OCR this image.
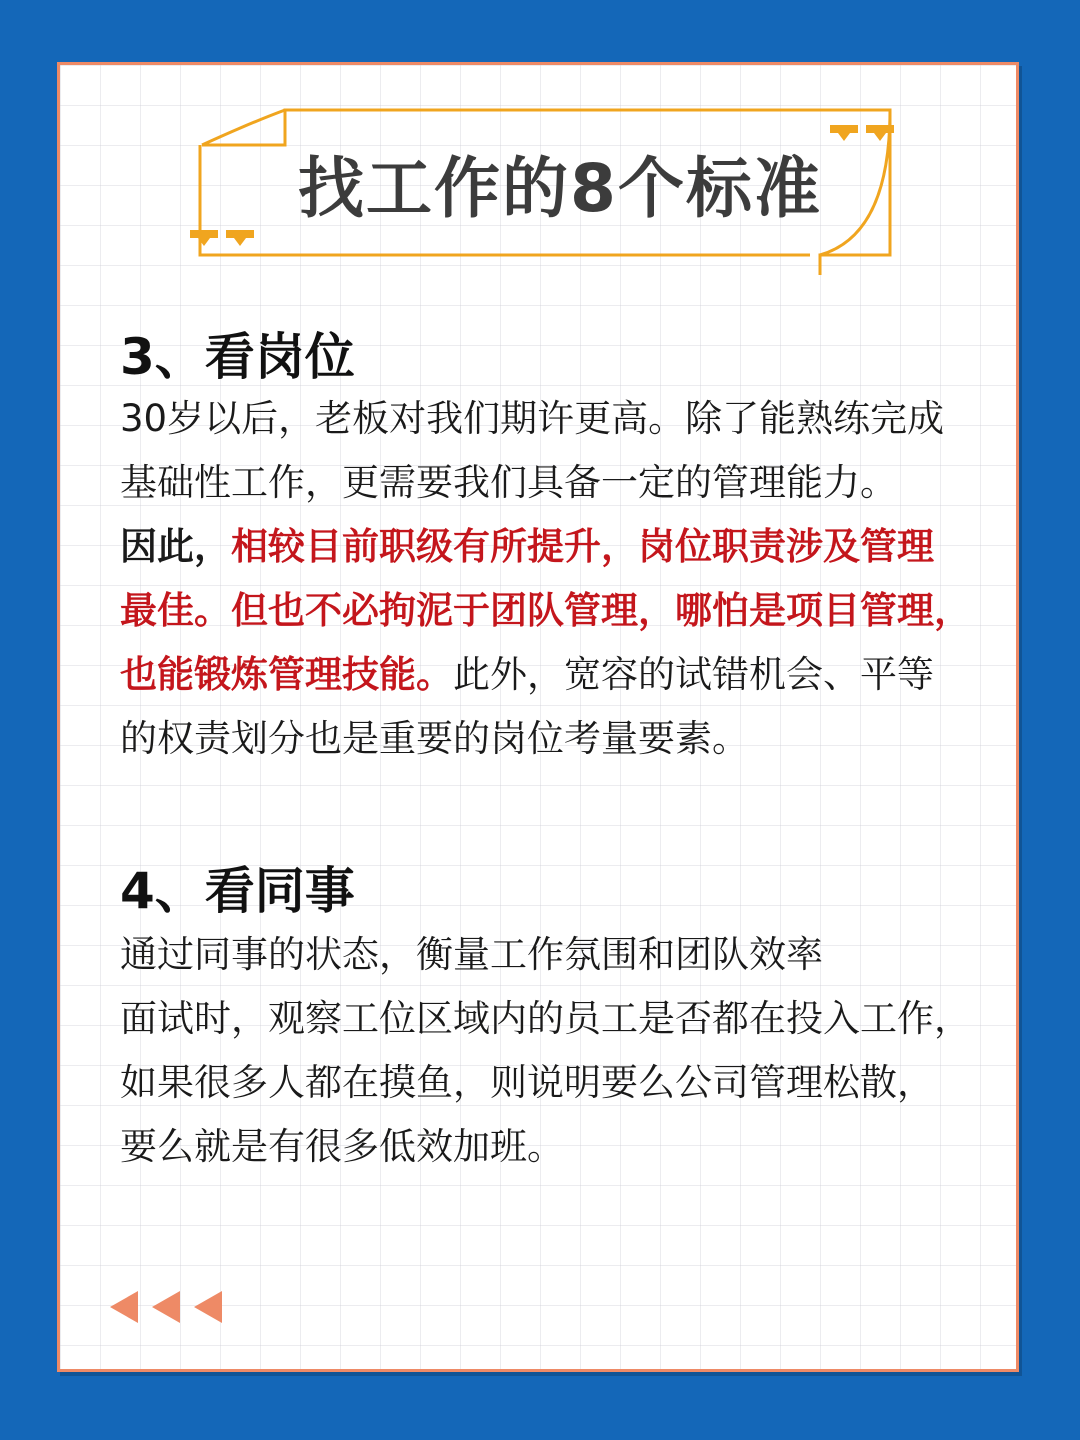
找工作的8个标准
3、看岗位
30岁以后，老板对我们期许更高。除了能熟练完成
基础性工作，更需要我们具备一定的管理能力。
因此，相较目前职级有所提升，岗位职责涉及管理
最佳。但也不必拘泥于团队管理，哪怕是项目管理，
也能锻炼管理技能。此外，宽容的试错机会、平等
的权责划分也是重要的岗位考量要素。
4、看同事
通过同事的状态，衡量工作氛围和团队效率
面试时，观察工位区域内的员工是否都在投入工作，
如果很多人都在摸鱼，则说明要么公司管理松散，
要么就是有很多低效加班。
